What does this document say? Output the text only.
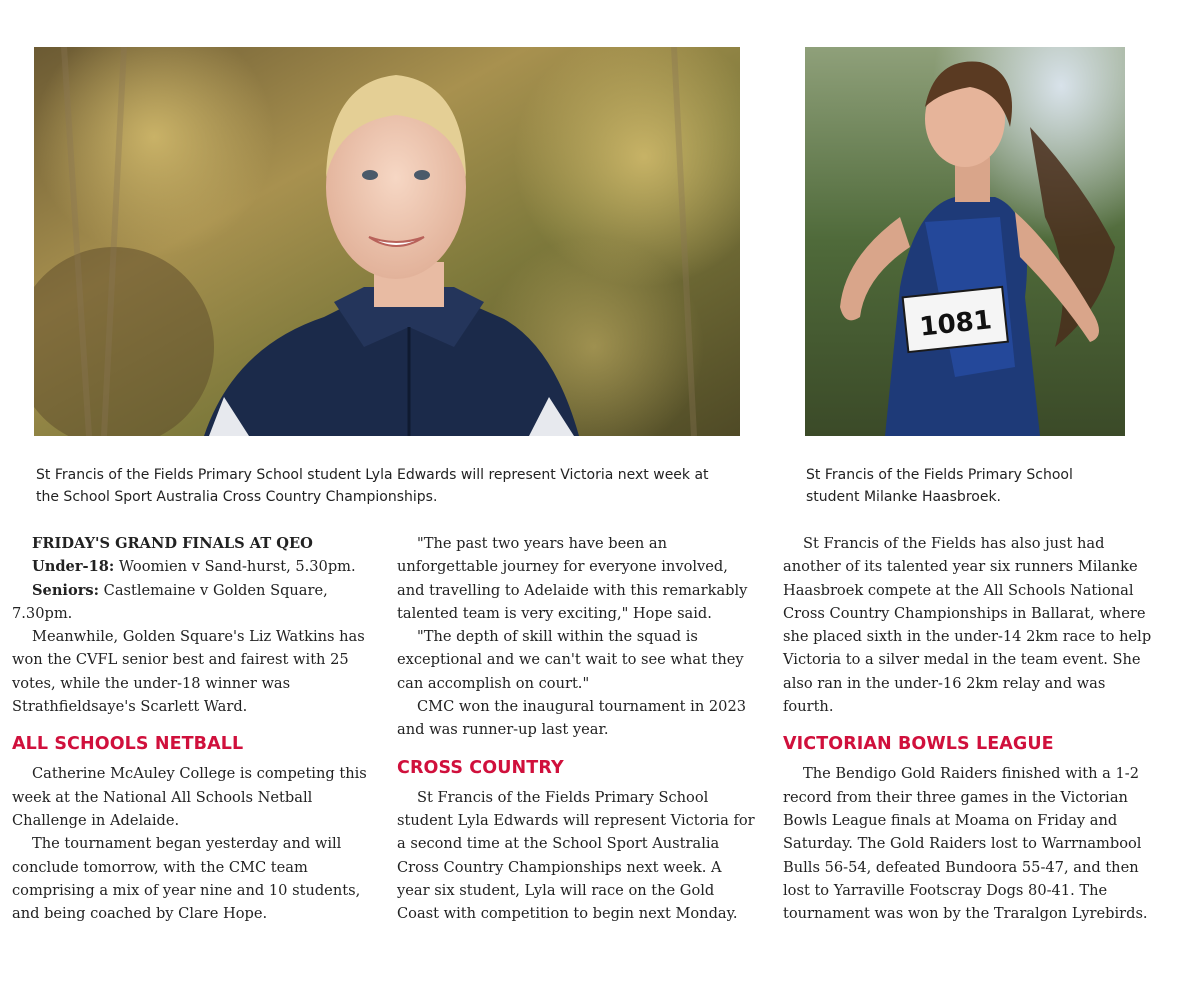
1081
St Francis of the Fields Primary School student Lyla Edwards will represent Victoria next week at the School Sport Australia Cross Country Championships.
St Francis of the Fields Primary School student Milanke Haasbroek.

FRIDAY'S GRAND FINALS AT QEO

Under-18: Woomien v Sand-hurst, 5.30pm.

Seniors: Castlemaine v Golden Square, 7.30pm.

Meanwhile, Golden Square's Liz Watkins has won the CVFL senior best and fairest with 25 votes, while the under-18 winner was Strathfieldsaye's Scarlett Ward.

ALL SCHOOLS NETBALL

Catherine McAuley College is competing this week at the National All Schools Netball Challenge in Adelaide.

The tournament began yesterday and will conclude tomorrow, with the CMC team comprising a mix of year nine and 10 students, and being coached by Clare Hope.

"The past two years have been an unforgettable journey for everyone involved, and travelling to Adelaide with this remarkably talented team is very exciting," Hope said.

"The depth of skill within the squad is exceptional and we can't wait to see what they can accomplish on court."

CMC won the inaugural tournament in 2023 and was runner-up last year.

CROSS COUNTRY

St Francis of the Fields Primary School student Lyla Edwards will represent Victoria for a second time at the School Sport Australia Cross Country Championships next week. A year six student, Lyla will race on the Gold Coast with competition to begin next Monday.

St Francis of the Fields has also just had another of its talented year six runners Milanke Haasbroek compete at the All Schools National Cross Country Championships in Ballarat, where she placed sixth in the under-14 2km race to help Victoria to a silver medal in the team event. She also ran in the under-16 2km relay and was fourth.

VICTORIAN BOWLS LEAGUE

The Bendigo Gold Raiders finished with a 1-2 record from their three games in the Victorian Bowls League finals at Moama on Friday and Saturday. The Gold Raiders lost to Warrnambool Bulls 56-54, defeated Bundoora 55-47, and then lost to Yarraville Footscray Dogs 80-41. The tournament was won by the Traralgon Lyrebirds.
